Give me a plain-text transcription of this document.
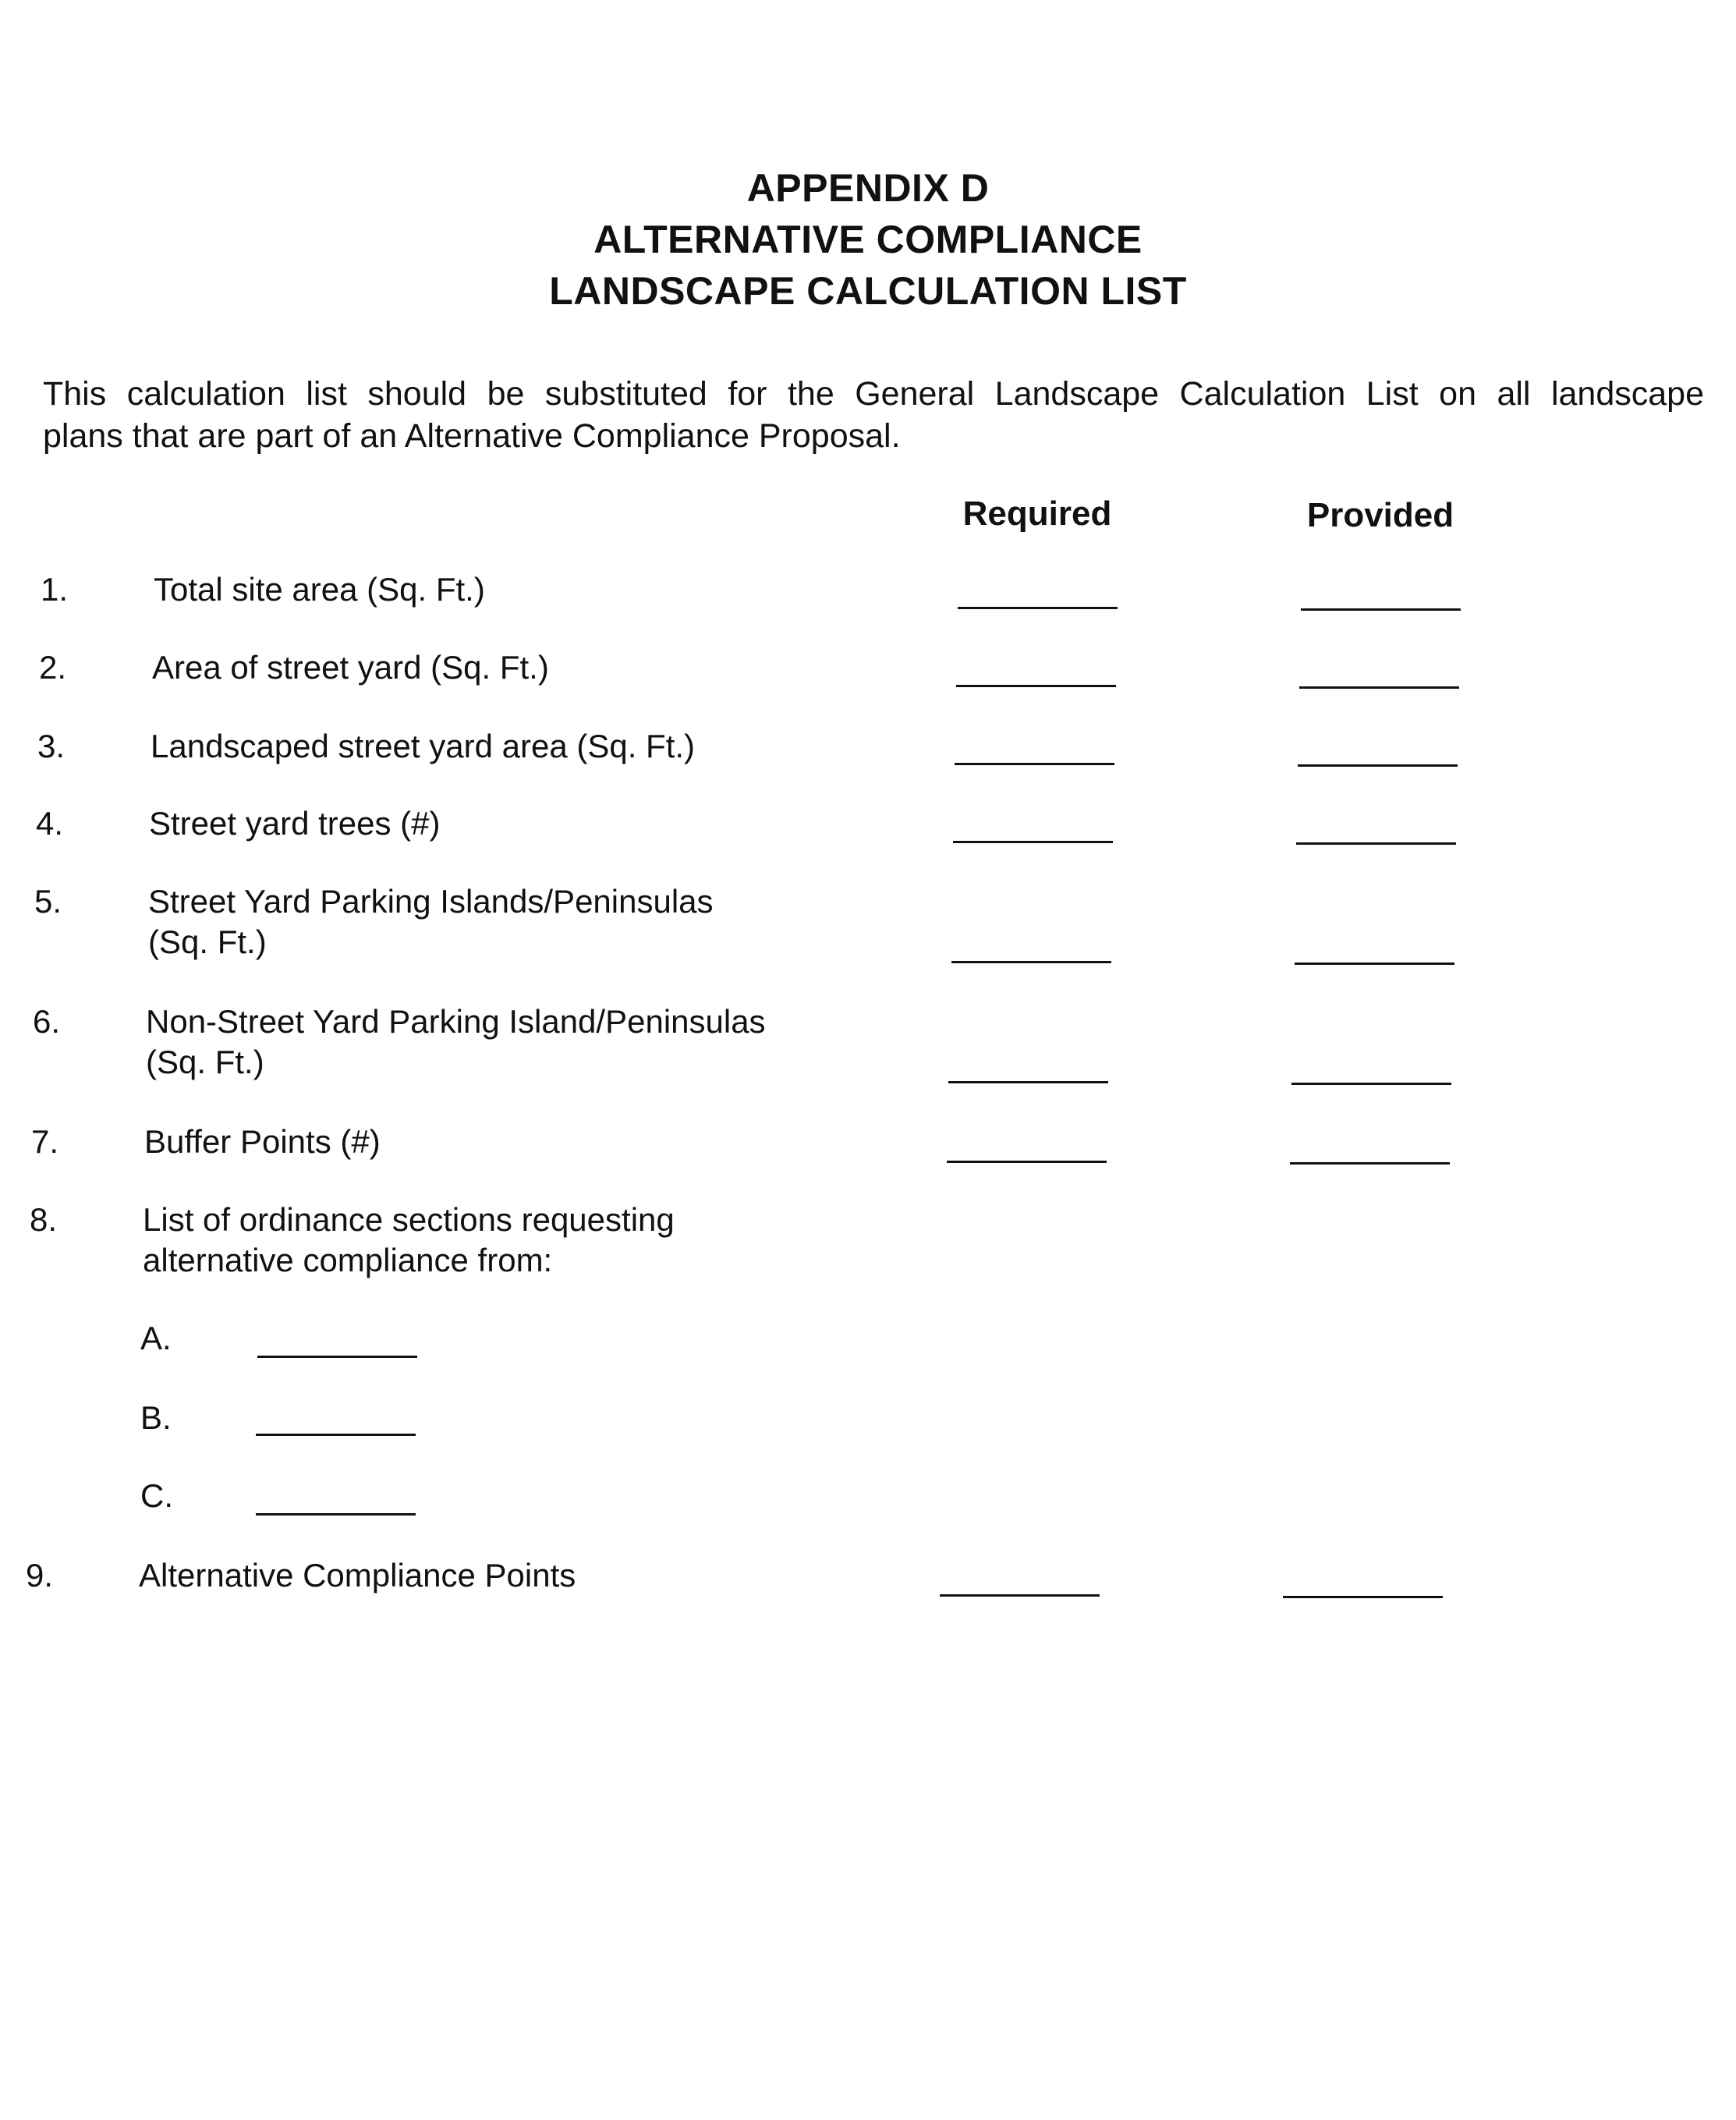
APPENDIX D
ALTERNATIVE COMPLIANCE
LANDSCAPE CALCULATION LIST
This calculation list should be substituted for the General Landscape Calculation List on all landscape
plans that are part of an Alternative Compliance Proposal.
Required	Provided
1.	Total site area (Sq. Ft.)
2.	Area of street yard (Sq. Ft.)
3.	Landscaped street yard area (Sq. Ft.)
4.	Street yard trees (#)
5.	Street Yard Parking Islands/Peninsulas
(Sq. Ft.)
6.	Non-Street Yard Parking Island/Peninsulas
(Sq. Ft.)
7.	Buffer Points (#)
8.	List of ordinance sections requesting
alternative compliance from:
A.
B.
C.
9.	Alternative Compliance Points
